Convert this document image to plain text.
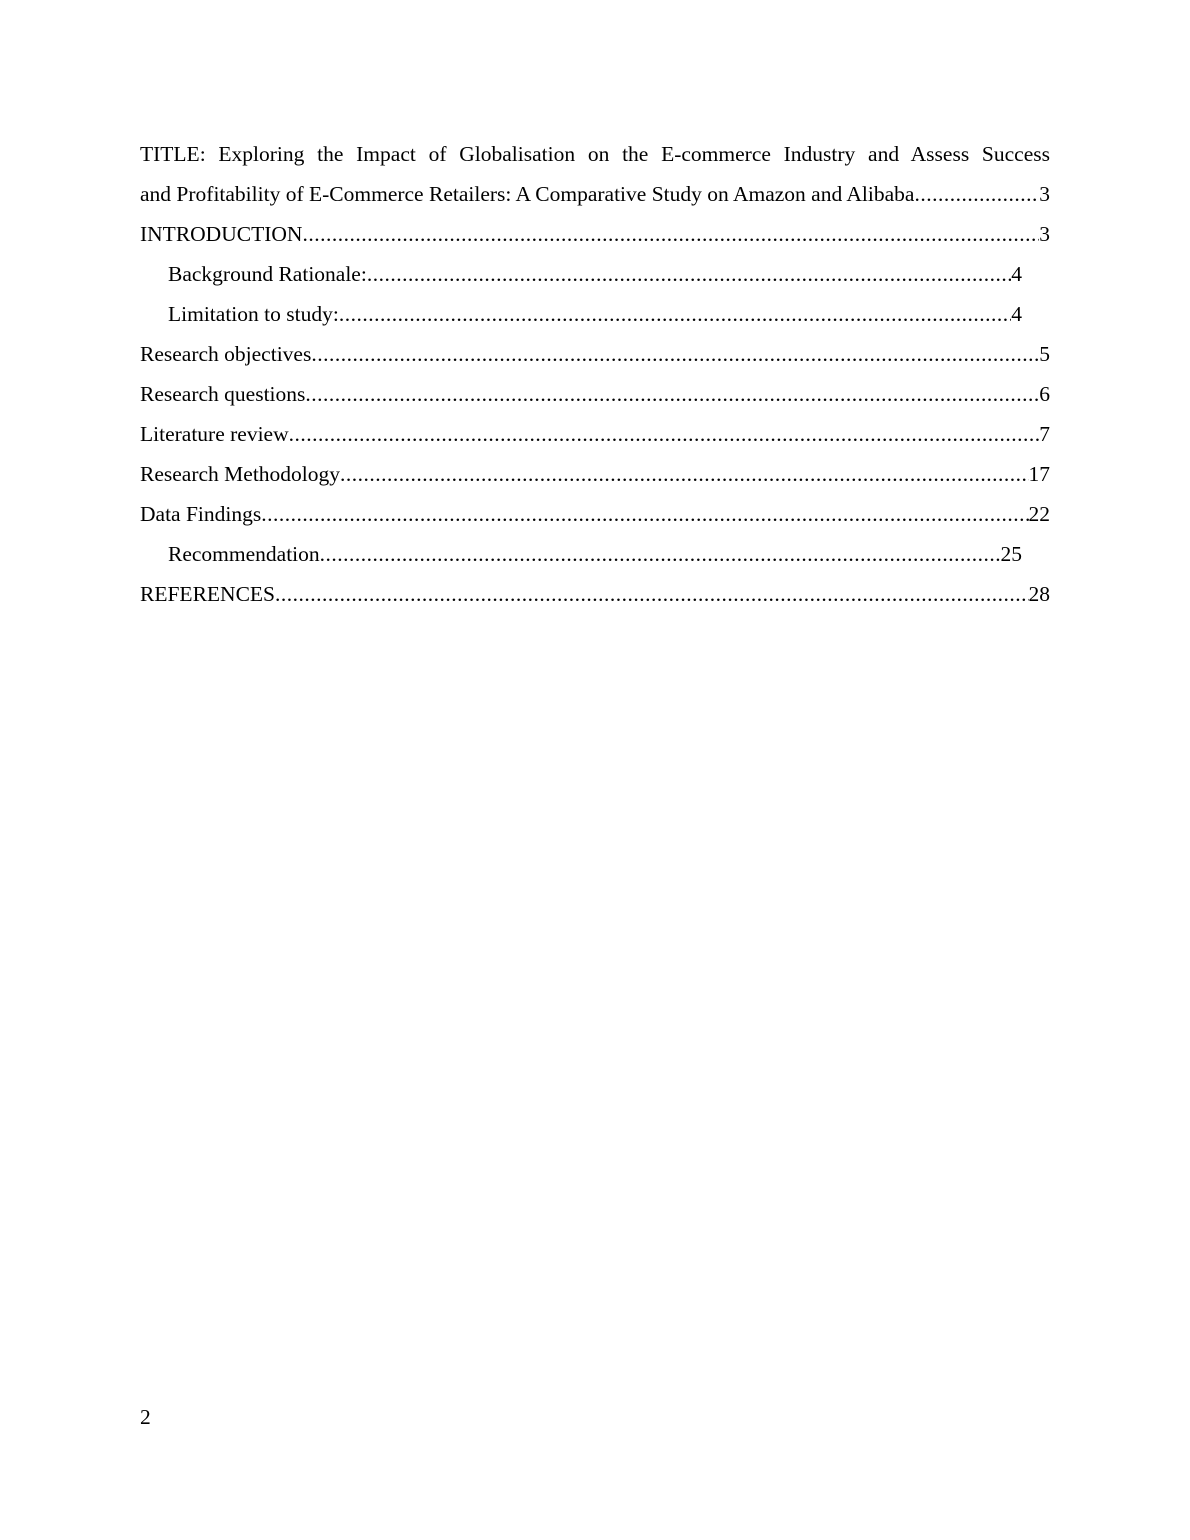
TITLE: Exploring the Impact of Globalisation on the E-commerce Industry and Assess Success
and Profitability of E-Commerce Retailers: A Comparative Study on Amazon and Alibaba .....	3
INTRODUCTION .....	3
Background Rationale: .....	4
Limitation to study: .....	4
Research objectives .....	5
Research questions .....	6
Literature review .....	7
Research Methodology .....	17
Data Findings .....	22
Recommendation .....	25
REFERENCES .....	28
2
